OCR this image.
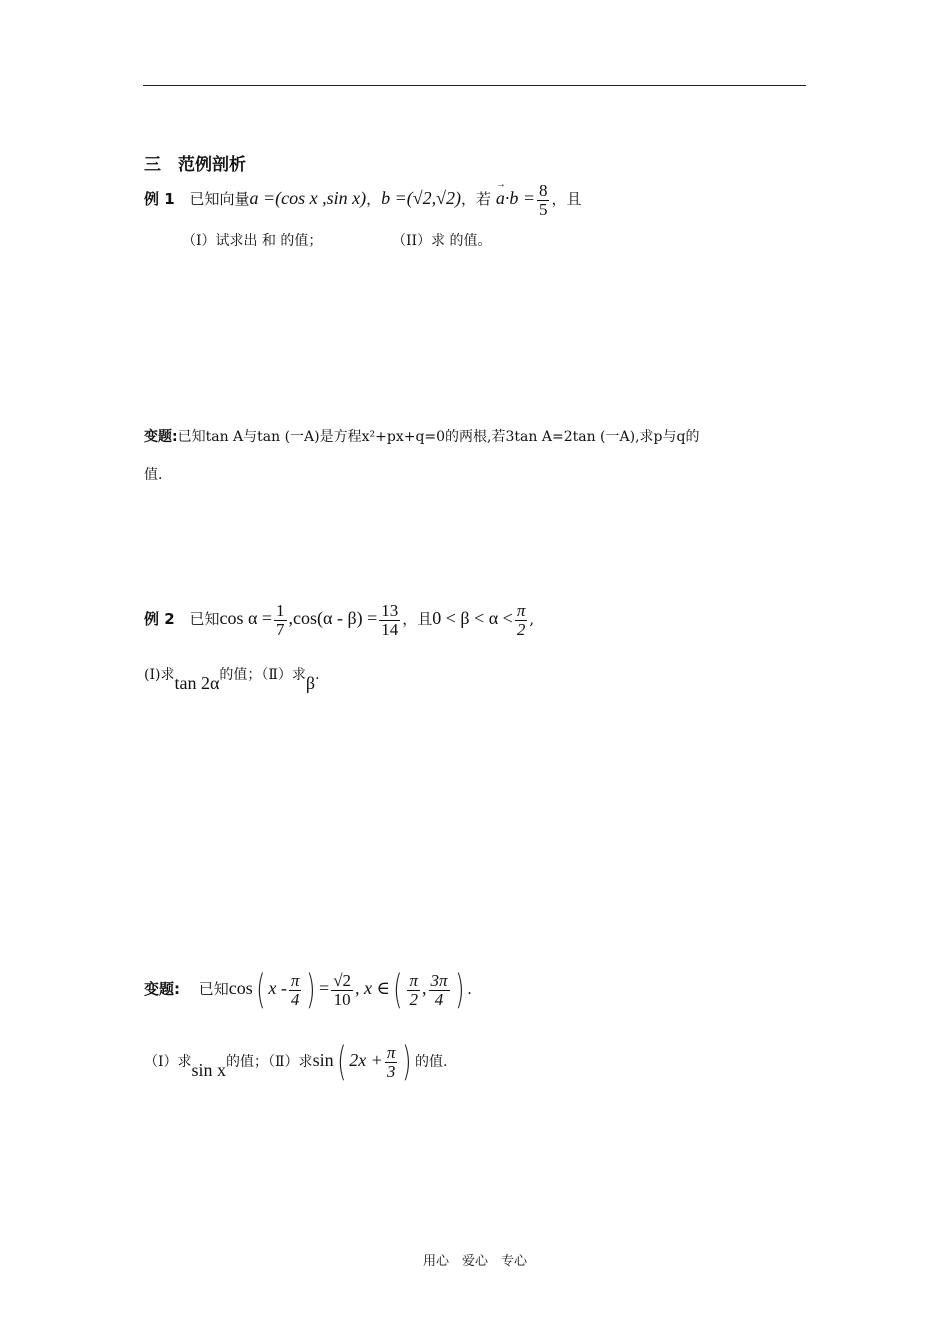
三　范例剖析
例 1 已知向量a =(cos x ,sin x)，b =(√2,√2)，若 → $a\cdot b = \frac{8}{5}$ ，且
（I）试求出 和 的值；	（II）求 的值。
变题:已知tan A与tan (一A)是方程x²+px+q=0的两根,若3tan A=2tan (一A),求p与q的
值.
例 2 已知$\cos \alpha = \frac{1}{7} ,\cos(\alpha - \beta) = \frac{13}{14}$ ，且$0 < \beta < \alpha < \frac{\pi}{2}$ ,
(Ⅰ)求tan 2α的值；（Ⅱ）求β.
变题: 已知cos( x - $\frac{\pi}{4}$ ) = $\frac{√2}{10}$ , x ∈( $\frac{\pi}{2}$ , $\frac{3\pi}{4}$ ) .
（Ⅰ）求sin x的值；（Ⅱ）求sin( $2x + \frac{\pi}{3}$ ) 的值.
用心　爱心　专心
